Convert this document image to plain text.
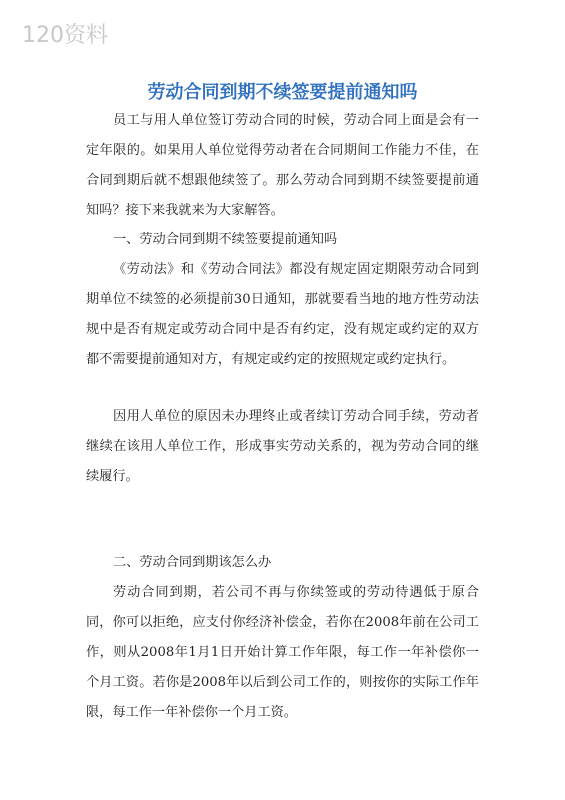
120资料
劳动合同到期不续签要提前通知吗

员工与用人单位签订劳动合同的时候，劳动合同上面是会有一定年限的。如果用人单位觉得劳动者在合同期间工作能力不佳，在合同到期后就不想跟他续签了。那么劳动合同到期不续签要提前通知吗？接下来我就来为大家解答。

一、劳动合同到期不续签要提前通知吗

《劳动法》和《劳动合同法》都没有规定固定期限劳动合同到期单位不续签的必须提前30日通知，那就要看当地的地方性劳动法规中是否有规定或劳动合同中是否有约定，没有规定或约定的双方都不需要提前通知对方，有规定或约定的按照规定或约定执行。

因用人单位的原因未办理终止或者续订劳动合同手续，劳动者继续在该用人单位工作，形成事实劳动关系的，视为劳动合同的继续履行。

二、劳动合同到期该怎么办

劳动合同到期，若公司不再与你续签或的劳动待遇低于原合同，你可以拒绝，应支付你经济补偿金，若你在2008年前在公司工作，则从2008年1月1日开始计算工作年限，每工作一年补偿你一个月工资。若你是2008年以后到公司工作的，则按你的实际工作年限，每工作一年补偿你一个月工资。
